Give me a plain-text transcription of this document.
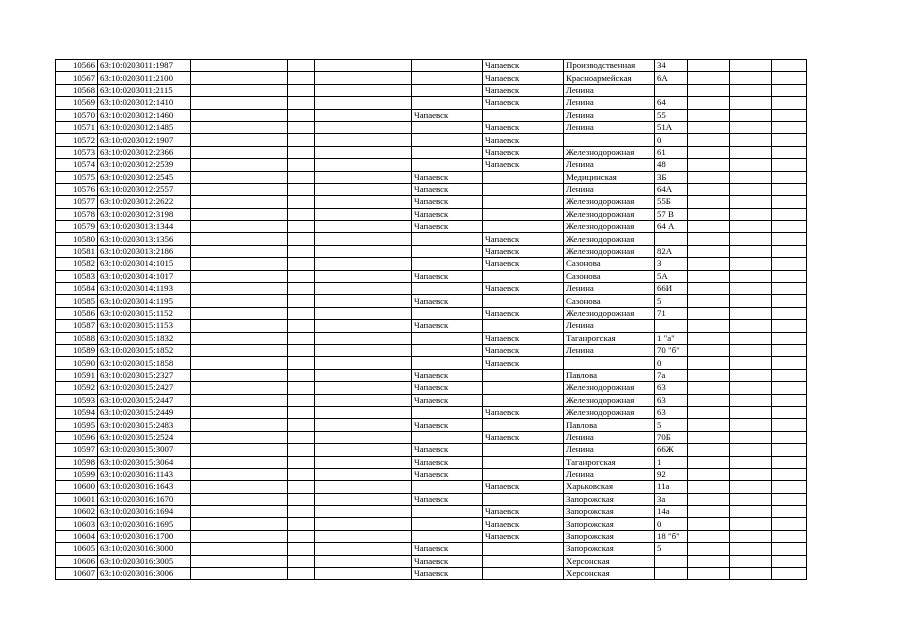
10566	63:10:0203011:1987					Чапаевск	Производственная	34			
10567	63:10:0203011:2100					Чапаевск	Красноармейская	6А			
10568	63:10:0203011:2115					Чапаевск	Ленина				
10569	63:10:0203012:1410					Чапаевск	Ленина	64			
10570	63:10:0203012:1460				Чапаевск		Ленина	55			
10571	63:10:0203012:1485					Чапаевск	Ленина	51А			
10572	63:10:0203012:1907					Чапаевск		0			
10573	63:10:0203012:2366					Чапаевск	Железнодорожная	61			
10574	63:10:0203012:2539					Чапаевск	Ленина	48			
10575	63:10:0203012:2545				Чапаевск		Медицинская	3Б			
10576	63:10:0203012:2557				Чапаевск		Ленина	64А			
10577	63:10:0203012:2622				Чапаевск		Железнодорожная	55Б			
10578	63:10:0203012:3198				Чапаевск		Железнодорожная	57 В			
10579	63:10:0203013:1344				Чапаевск		Железнодорожная	64 А			
10580	63:10:0203013:1356					Чапаевск	Железнодорожная				
10581	63:10:0203013:2186					Чапаевск	Железнодорожная	82А			
10582	63:10:0203014:1015					Чапаевск	Сазонова	3			
10583	63:10:0203014:1017				Чапаевск		Сазонова	5А			
10584	63:10:0203014:1193					Чапаевск	Ленина	66И			
10585	63:10:0203014:1195				Чапаевск		Сазонова	5			
10586	63:10:0203015:1152					Чапаевск	Железнодорожная	71			
10587	63:10:0203015:1153				Чапаевск		Ленина				
10588	63:10:0203015:1832					Чапаевск	Таганрогская	1 "а"			
10589	63:10:0203015:1852					Чапаевск	Ленина	70 "б"			
10590	63:10:0203015:1858					Чапаевск		0			
10591	63:10:0203015:2327				Чапаевск		Павлова	7а			
10592	63:10:0203015:2427				Чапаевск		Железнодорожная	63			
10593	63:10:0203015:2447				Чапаевск		Железнодорожная	63			
10594	63:10:0203015:2449					Чапаевск	Железнодорожная	63			
10595	63:10:0203015:2483				Чапаевск		Павлова	5			
10596	63:10:0203015:2524					Чапаевск	Ленина	70Б			
10597	63:10:0203015:3007				Чапаевск		Ленина	66Ж			
10598	63:10:0203015:3064				Чапаевск		Таганрогская	1			
10599	63:10:0203016:1143				Чапаевск		Ленина	92			
10600	63:10:0203016:1643					Чапаевск	Харьковская	11а			
10601	63:10:0203016:1670				Чапаевск		Запорожская	3а			
10602	63:10:0203016:1694					Чапаевск	Запорожская	14а			
10603	63:10:0203016:1695					Чапаевск	Запорожская	0			
10604	63:10:0203016:1700					Чапаевск	Запорожская	18 "б"			
10605	63:10:0203016:3000				Чапаевск		Запорожская	5			
10606	63:10:0203016:3005				Чапаевск		Херсонская				
10607	63:10:0203016:3006				Чапаевск		Херсонская				
